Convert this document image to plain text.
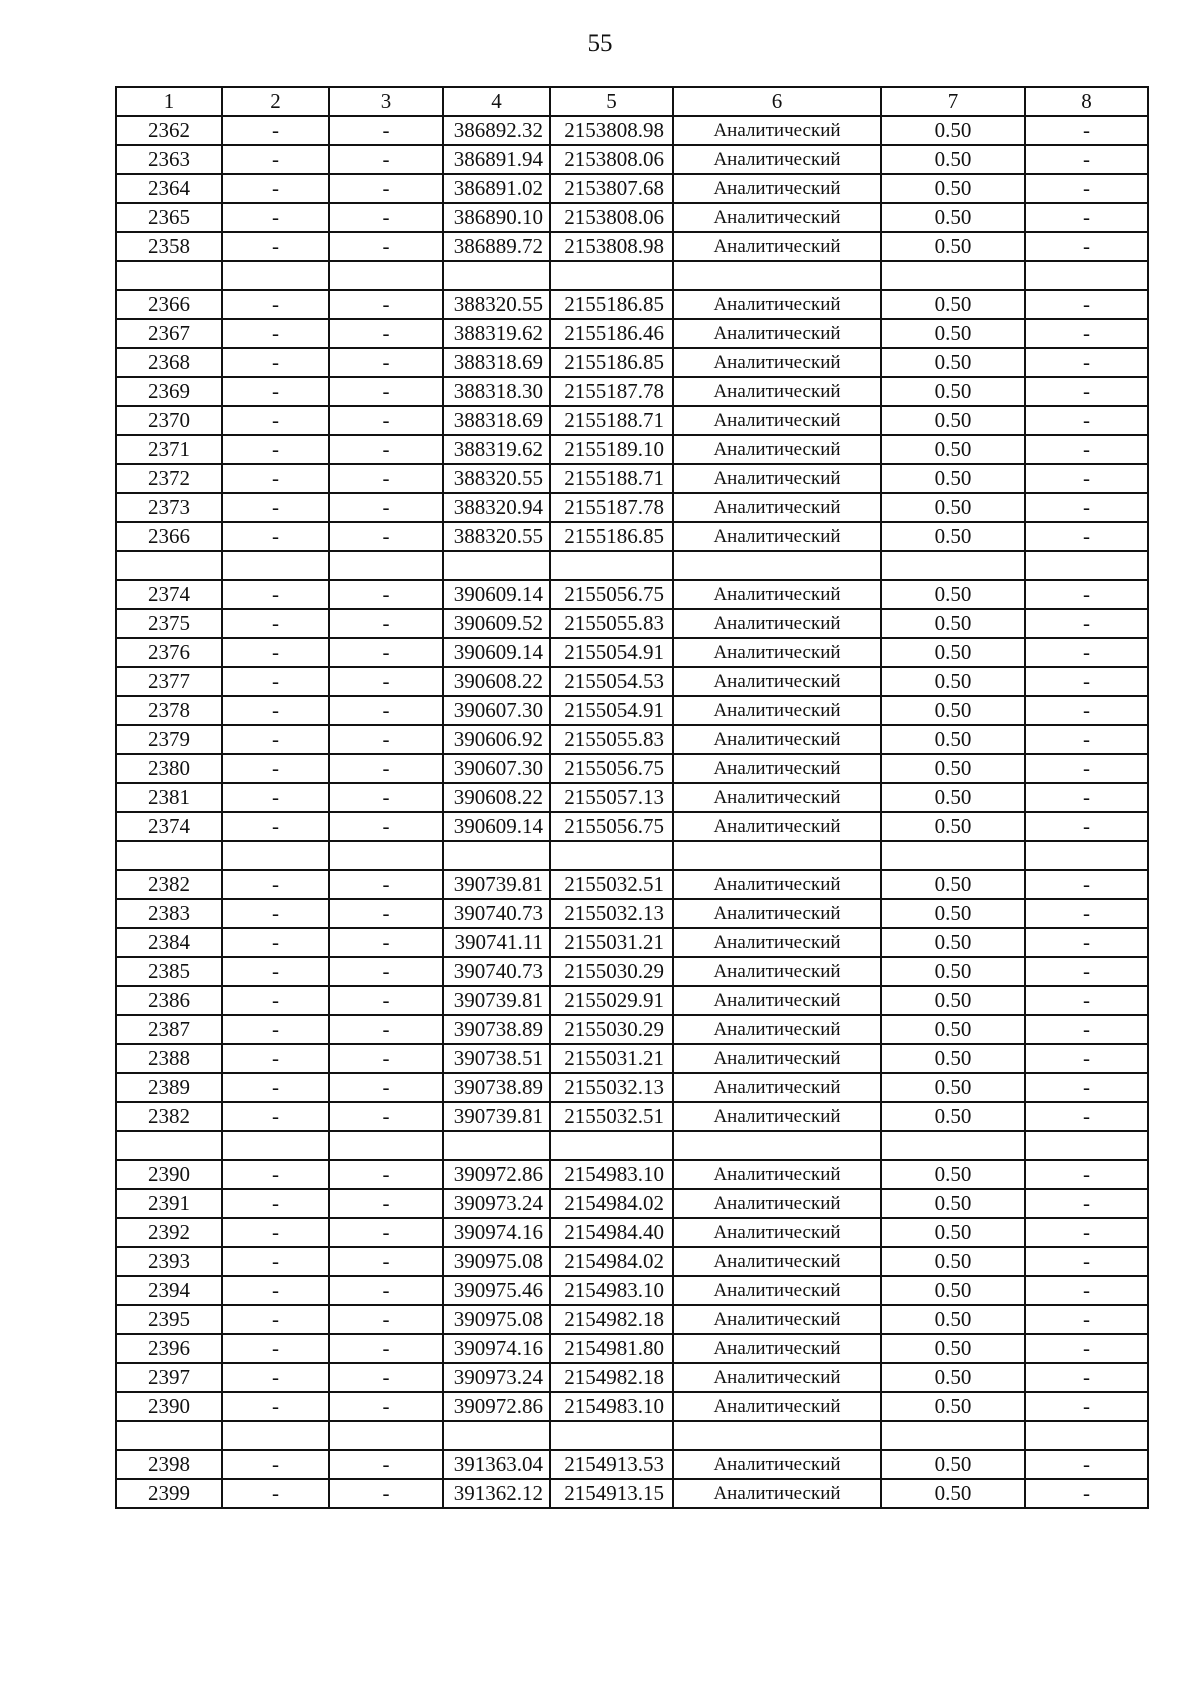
55
1	2	3	4	5	6	7	8
2362	-	-	386892.32	2153808.98	Аналитический	0.50	-
2363	-	-	386891.94	2153808.06	Аналитический	0.50	-
2364	-	-	386891.02	2153807.68	Аналитический	0.50	-
2365	-	-	386890.10	2153808.06	Аналитический	0.50	-
2358	-	-	386889.72	2153808.98	Аналитический	0.50	-

2366	-	-	388320.55	2155186.85	Аналитический	0.50	-
2367	-	-	388319.62	2155186.46	Аналитический	0.50	-
2368	-	-	388318.69	2155186.85	Аналитический	0.50	-
2369	-	-	388318.30	2155187.78	Аналитический	0.50	-
2370	-	-	388318.69	2155188.71	Аналитический	0.50	-
2371	-	-	388319.62	2155189.10	Аналитический	0.50	-
2372	-	-	388320.55	2155188.71	Аналитический	0.50	-
2373	-	-	388320.94	2155187.78	Аналитический	0.50	-
2366	-	-	388320.55	2155186.85	Аналитический	0.50	-

2374	-	-	390609.14	2155056.75	Аналитический	0.50	-
2375	-	-	390609.52	2155055.83	Аналитический	0.50	-
2376	-	-	390609.14	2155054.91	Аналитический	0.50	-
2377	-	-	390608.22	2155054.53	Аналитический	0.50	-
2378	-	-	390607.30	2155054.91	Аналитический	0.50	-
2379	-	-	390606.92	2155055.83	Аналитический	0.50	-
2380	-	-	390607.30	2155056.75	Аналитический	0.50	-
2381	-	-	390608.22	2155057.13	Аналитический	0.50	-
2374	-	-	390609.14	2155056.75	Аналитический	0.50	-

2382	-	-	390739.81	2155032.51	Аналитический	0.50	-
2383	-	-	390740.73	2155032.13	Аналитический	0.50	-
2384	-	-	390741.11	2155031.21	Аналитический	0.50	-
2385	-	-	390740.73	2155030.29	Аналитический	0.50	-
2386	-	-	390739.81	2155029.91	Аналитический	0.50	-
2387	-	-	390738.89	2155030.29	Аналитический	0.50	-
2388	-	-	390738.51	2155031.21	Аналитический	0.50	-
2389	-	-	390738.89	2155032.13	Аналитический	0.50	-
2382	-	-	390739.81	2155032.51	Аналитический	0.50	-

2390	-	-	390972.86	2154983.10	Аналитический	0.50	-
2391	-	-	390973.24	2154984.02	Аналитический	0.50	-
2392	-	-	390974.16	2154984.40	Аналитический	0.50	-
2393	-	-	390975.08	2154984.02	Аналитический	0.50	-
2394	-	-	390975.46	2154983.10	Аналитический	0.50	-
2395	-	-	390975.08	2154982.18	Аналитический	0.50	-
2396	-	-	390974.16	2154981.80	Аналитический	0.50	-
2397	-	-	390973.24	2154982.18	Аналитический	0.50	-
2390	-	-	390972.86	2154983.10	Аналитический	0.50	-

2398	-	-	391363.04	2154913.53	Аналитический	0.50	-
2399	-	-	391362.12	2154913.15	Аналитический	0.50	-
